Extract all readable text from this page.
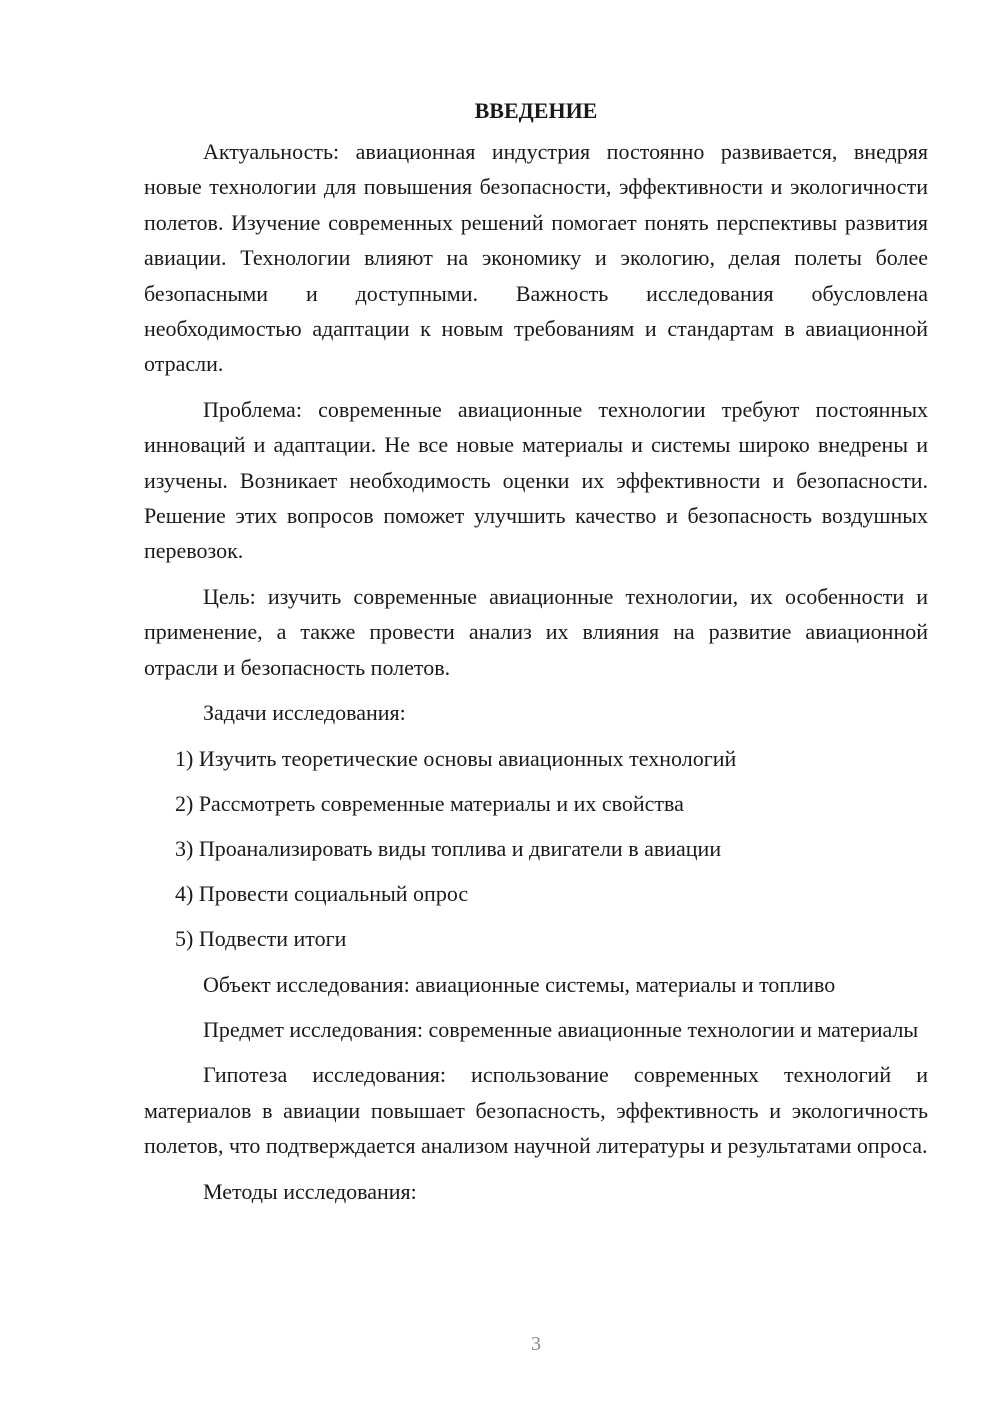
ВВЕДЕНИЕ

Актуальность: авиационная индустрия постоянно развивается, внедряя новые технологии для повышения безопасности, эффективности и экологичности полетов. Изучение современных решений помогает понять перспективы развития авиации. Технологии влияют на экономику и экологию, делая полеты более безопасными и доступными. Важность исследования обусловлена необходимостью адаптации к новым требованиям и стандартам в авиационной отрасли.

Проблема: современные авиационные технологии требуют постоянных инноваций и адаптации. Не все новые материалы и системы широко внедрены и изучены. Возникает необходимость оценки их эффективности и безопасности. Решение этих вопросов поможет улучшить качество и безопасность воздушных перевозок.

Цель: изучить современные авиационные технологии, их особенности и применение, а также провести анализ их влияния на развитие авиационной отрасли и безопасность полетов.

Задачи исследования:

1) Изучить теоретические основы авиационных технологий
2) Рассмотреть современные материалы и их свойства
3) Проанализировать виды топлива и двигатели в авиации
4) Провести социальный опрос
5) Подвести итоги

Объект исследования: авиационные системы, материалы и топливо

Предмет исследования: современные авиационные технологии и материалы

Гипотеза исследования: использование современных технологий и материалов в авиации повышает безопасность, эффективность и экологичность полетов, что подтверждается анализом научной литературы и результатами опроса.

Методы исследования:

3
